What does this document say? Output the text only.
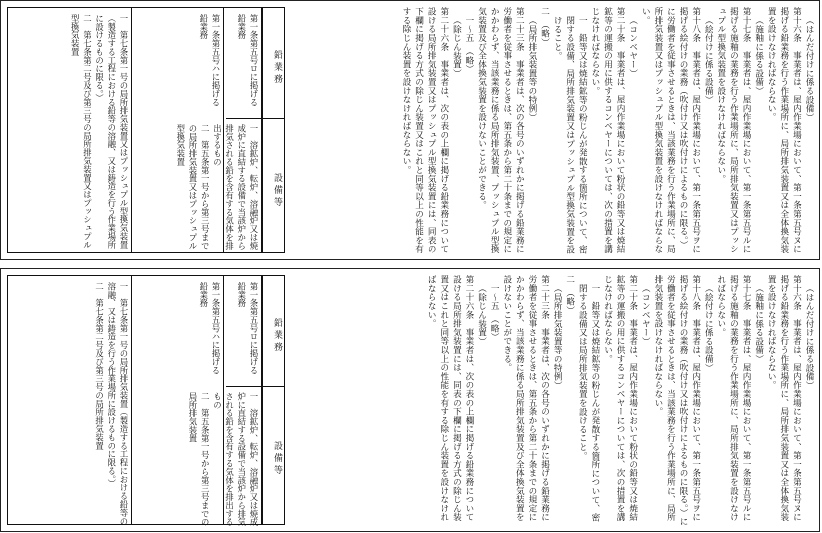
（はんだ付けに係る設備）

第十六条　事業者は、屋内作業場において、第一条第五号ヌに掲げる鉛業務を行う作業場所に、局所排気装置又は全体換気装置を設けなければならない。

（施釉に係る設備）

第十七条　事業者は、屋内作業場において、第一条第五号ルに掲げる施釉の業務を行う作業場所に、局所排気装置又はプッシュプル型換気装置を設けなければならない。

（絵付けに係る設備）

第十八条　事業者は、屋内作業場において、第一条第五号ヲに掲げる絵付けの業務（吹付け又は吹付けによるものに限る。）に労働者を従事させるときは、当該業務を行う作業場所に、局所排気装置又はプッシュプル型換気装置を設けなければならない。

（コンベヤー）

第二十条　事業者は、屋内作業場において粉状の鉛等又は焼結鉱等の運搬の用に供するコンベヤーについては、次の措置を講じなければならない。

一　鉛等又は焼結鉱等の粉じんが発散する箇所について、密閉する設備、局所排気装置又はプッシュプル型換気装置を設けること。

二　（略）

（局所排気装置等の特例）

第二十三条　事業者は、次の各号のいずれかに掲げる鉛業務に労働者を従事させるときは、第五条から第二十条までの規定にかかわらず、当該業務に係る局所排気装置、プッシュプル型換気装置及び全体換気装置を設けないことができる。

一〜五　（略）

（除じん装置）

第二十六条　事業者は、次の表の上欄に掲げる鉛業務について設ける局所排気装置又はプッシュプル型換気装置には、同表の下欄に掲げる方式の除じん装置又はこれと同等以上の性能を有する除じん装置を設けなければならない。

鉛業務
設備等
第一条第五号ロに掲げる鉛業務
一　溶鉱炉、転炉、溶融炉又は焼成炉に直結する設備で当該炉から排気される鉛を含有する気体を排出するもの
二　第五条第一号から第三号までの局所排気装置又はプッシュプル型換気装置
第一条第五号ハに掲げる鉛業務
一　第七条第一号の局所排気装置又はプッシュプル型換気装置（製造する工程における鉛等の溶融、又は鋳造を行う作業場所に設けるものに限る。）
二　第七条第二号及び第三号の局所排気装置又はプッシュプル型換気装置

（はんだ付けに係る設備）

第十六条　事業者は、屋内作業場において、第一条第五号ヌに掲げる鉛業務を行う作業場所に、局所排気装置又は全体換気装置を設けなければならない。

（施釉に係る設備）

第十七条　事業者は、屋内作業場において、第一条第五号ルに掲げる施釉の業務を行う作業場所に、局所排気装置を設けなければならない。

（絵付けに係る設備）

第十八条　事業者は、屋内作業場において、第一条第五号ヲに掲げる絵付けの業務（吹付け又は吹付けによるものに限る。）に労働者を従事させるときは、当該業務を行う作業場所に、局所排気装置を設けなければならない。

（コンベヤー）

第二十条　事業者は、屋内作業場において粉状の鉛等又は焼結鉱等の運搬の用に供するコンベヤーについては、次の措置を講じなければならない。

一　鉛等又は焼結鉱等の粉じんが発散する箇所について、密閉する設備又は局所排気装置を設けること。

二　（略）

（局所排気装置等の特例）

第二十三条　事業者は、次の各号のいずれかに掲げる鉛業務に労働者を従事させるときは、第五条から第二十条までの規定にかかわらず、当該業務に係る局所排気装置及び全体換気装置を設けないことができる。

一〜五　（略）

（除じん装置）

第二十六条　事業者は、次の表の上欄に掲げる鉛業務について設ける局所排気装置には、同表の下欄に掲げる方式の除じん装置又はこれと同等以上の性能を有する除じん装置を設けなければならない。

鉛業務
設備等
第一条第五号ロに掲げる鉛業務
一　溶鉱炉、転炉、溶融炉又は焼成炉に直結する設備で当該炉から排気される鉛を含有する気体を排出するもの
二　第五条第一号から第三号までの局所排気装置
第一条第五号ハに掲げる鉛業務
一　第七条第一号の局所排気装置（製造する工程における鉛等の溶融、又は鋳造を行う作業場所に設けるものに限る。）
二　第七条第二号及び第三号の局所排気装置
